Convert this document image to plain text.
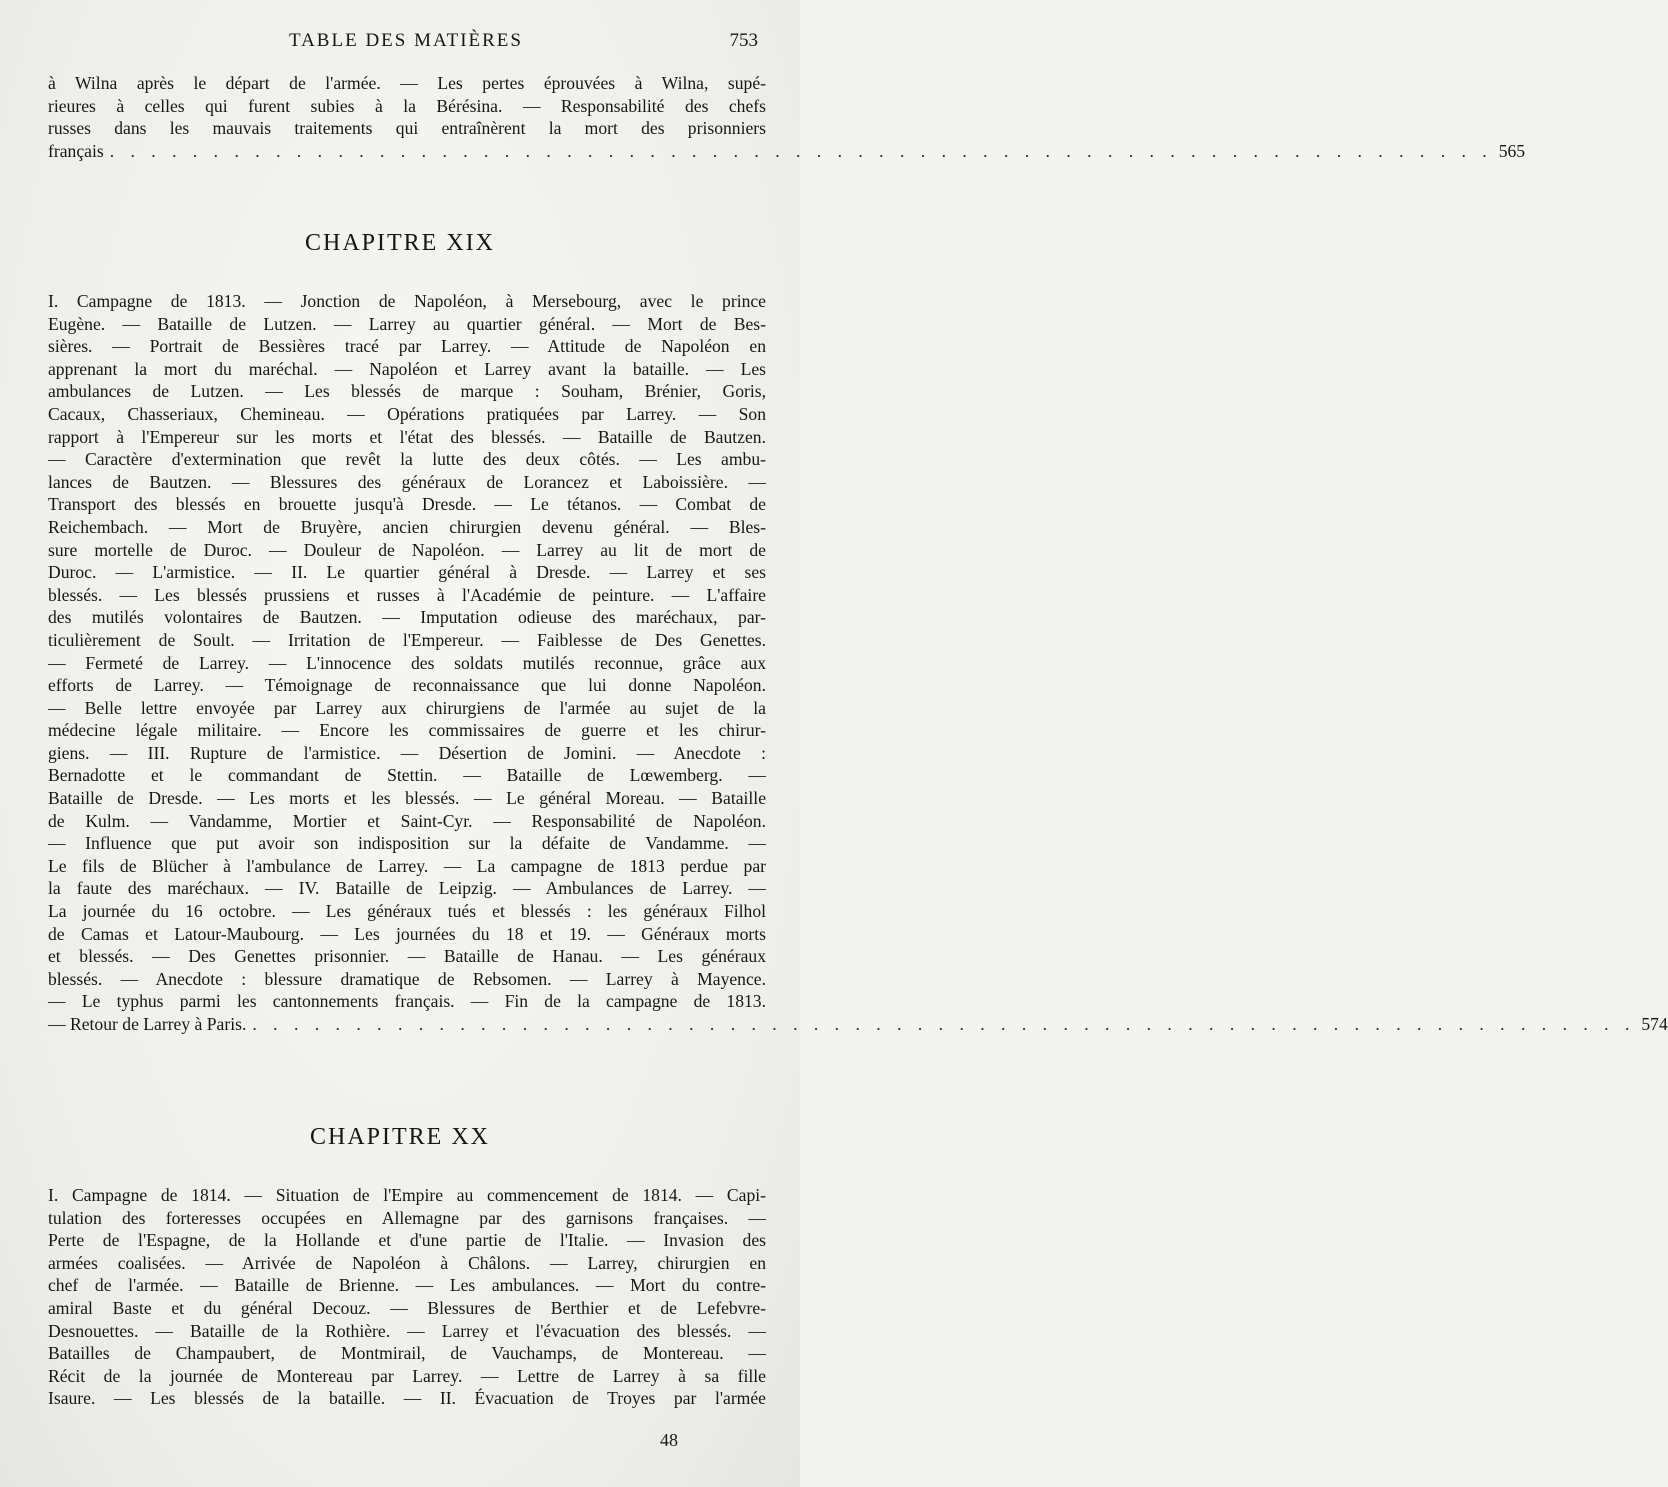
TABLE DES MATIÈRES	753
à Wilna après le départ de l'armée. — Les pertes éprouvées à Wilna, supé-
rieures à celles qui furent subies à la Bérésina. — Responsabilité des chefs
russes dans les mauvais traitements qui entraînèrent la mort des prisonniers
français . . . . . . . . . . . . . . . . . . . . . . . . . . . . . . . . . . . . . . . . . . . . . . . . . . . . . . . . . . . . . . . . . . . 565
CHAPITRE XIX
I. Campagne de 1813. — Jonction de Napoléon, à Mersebourg, avec le prince
Eugène. — Bataille de Lutzen. — Larrey au quartier général. — Mort de Bes-
sières. — Portrait de Bessières tracé par Larrey. — Attitude de Napoléon en
apprenant la mort du maréchal. — Napoléon et Larrey avant la bataille. — Les
ambulances de Lutzen. — Les blessés de marque : Souham, Brénier, Goris,
Cacaux, Chasseriaux, Chemineau. — Opérations pratiquées par Larrey. — Son
rapport à l'Empereur sur les morts et l'état des blessés. — Bataille de Bautzen.
— Caractère d'extermination que revêt la lutte des deux côtés. — Les ambu-
lances de Bautzen. — Blessures des généraux de Lorancez et Laboissière. —
Transport des blessés en brouette jusqu'à Dresde. — Le tétanos. — Combat de
Reichembach. — Mort de Bruyère, ancien chirurgien devenu général. — Bles-
sure mortelle de Duroc. — Douleur de Napoléon. — Larrey au lit de mort de
Duroc. — L'armistice. — II. Le quartier général à Dresde. — Larrey et ses
blessés. — Les blessés prussiens et russes à l'Académie de peinture. — L'affaire
des mutilés volontaires de Bautzen. — Imputation odieuse des maréchaux, par-
ticulièrement de Soult. — Irritation de l'Empereur. — Faiblesse de Des Genettes.
— Fermeté de Larrey. — L'innocence des soldats mutilés reconnue, grâce aux
efforts de Larrey. — Témoignage de reconnaissance que lui donne Napoléon.
— Belle lettre envoyée par Larrey aux chirurgiens de l'armée au sujet de la
médecine légale militaire. — Encore les commissaires de guerre et les chirur-
giens. — III. Rupture de l'armistice. — Désertion de Jomini. — Anecdote :
Bernadotte et le commandant de Stettin. — Bataille de Lœwemberg. —
Bataille de Dresde. — Les morts et les blessés. — Le général Moreau. — Bataille
de Kulm. — Vandamme, Mortier et Saint-Cyr. — Responsabilité de Napoléon.
— Influence que put avoir son indisposition sur la défaite de Vandamme. —
Le fils de Blücher à l'ambulance de Larrey. — La campagne de 1813 perdue par
la faute des maréchaux. — IV. Bataille de Leipzig. — Ambulances de Larrey. —
La journée du 16 octobre. — Les généraux tués et blessés : les généraux Filhol
de Camas et Latour-Maubourg. — Les journées du 18 et 19. — Généraux morts
et blessés. — Des Genettes prisonnier. — Bataille de Hanau. — Les généraux
blessés. — Anecdote : blessure dramatique de Rebsomen. — Larrey à Mayence.
— Le typhus parmi les cantonnements français. — Fin de la campagne de 1813.
— Retour de Larrey à Paris. . . . . . . . . . . . . . . . . . . . . . . . . . . . . . . . . . . . . . . . . . . . . . . . . . . . . . . . . . . . . . . . . . . . 574
CHAPITRE XX
I. Campagne de 1814. — Situation de l'Empire au commencement de 1814. — Capi-
tulation des forteresses occupées en Allemagne par des garnisons françaises. —
Perte de l'Espagne, de la Hollande et d'une partie de l'Italie. — Invasion des
armées coalisées. — Arrivée de Napoléon à Châlons. — Larrey, chirurgien en
chef de l'armée. — Bataille de Brienne. — Les ambulances. — Mort du contre-
amiral Baste et du général Decouz. — Blessures de Berthier et de Lefebvre-
Desnouettes. — Bataille de la Rothière. — Larrey et l'évacuation des blessés. —
Batailles de Champaubert, de Montmirail, de Vauchamps, de Montereau. —
Récit de la journée de Montereau par Larrey. — Lettre de Larrey à sa fille
Isaure. — Les blessés de la bataille. — II. Évacuation de Troyes par l'armée
48
